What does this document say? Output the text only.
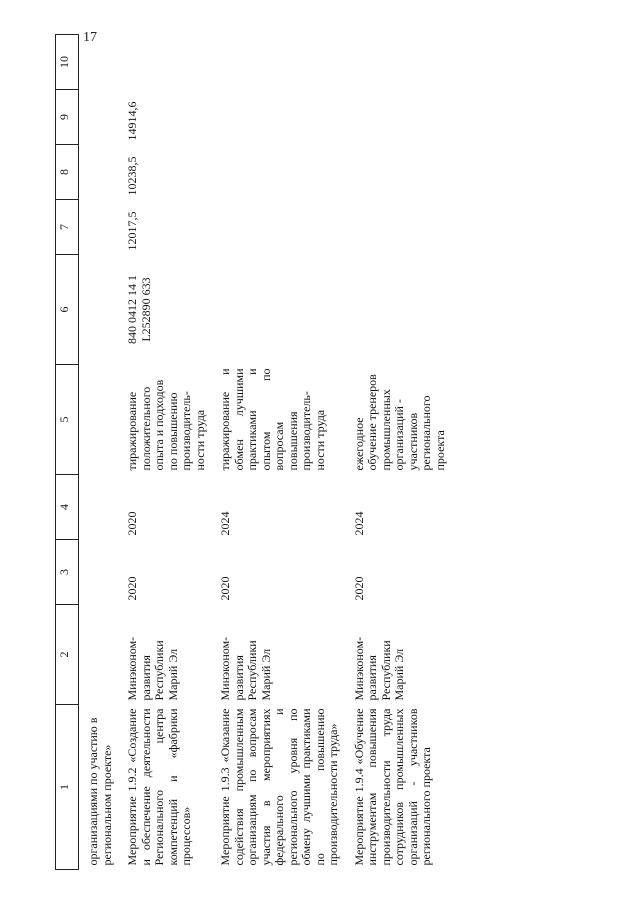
17
1	2	3	4	5	6	7	8	9	10
организациями по участию в региональном проекте»									
Мероприятие 1.9.2 «Создание и обеспечение деятельности Регионального центра компетенций и «фабрики процессов»	Минэконом-развития Республики Марий Эл	2020	2020	тиражирование положительного опыта и подходов по повышению производитель-ности труда	840 0412 14 1 L252890 633	12017,5	10238,5	14914,6	
Мероприятие 1.9.3 «Оказание содействия промышленным организациям по вопросам участия в мероприятиях федерального и регионального уровня по обмену лучшими практиками по повышению производительности труда»	Минэконом-развития Республики Марий Эл	2020	2024	тиражирование и обмен лучшими практиками и опытом по вопросам повышения производитель-ности труда					
Мероприятие 1.9.4 «Обучение инструментам повышения производительности труда сотрудников промышленных организаций - участников регионального проекта	Минэконом-развития Республики Марий Эл	2020	2024	ежегодное обучение тренеров промышленных организаций - участников регионального проекта					
